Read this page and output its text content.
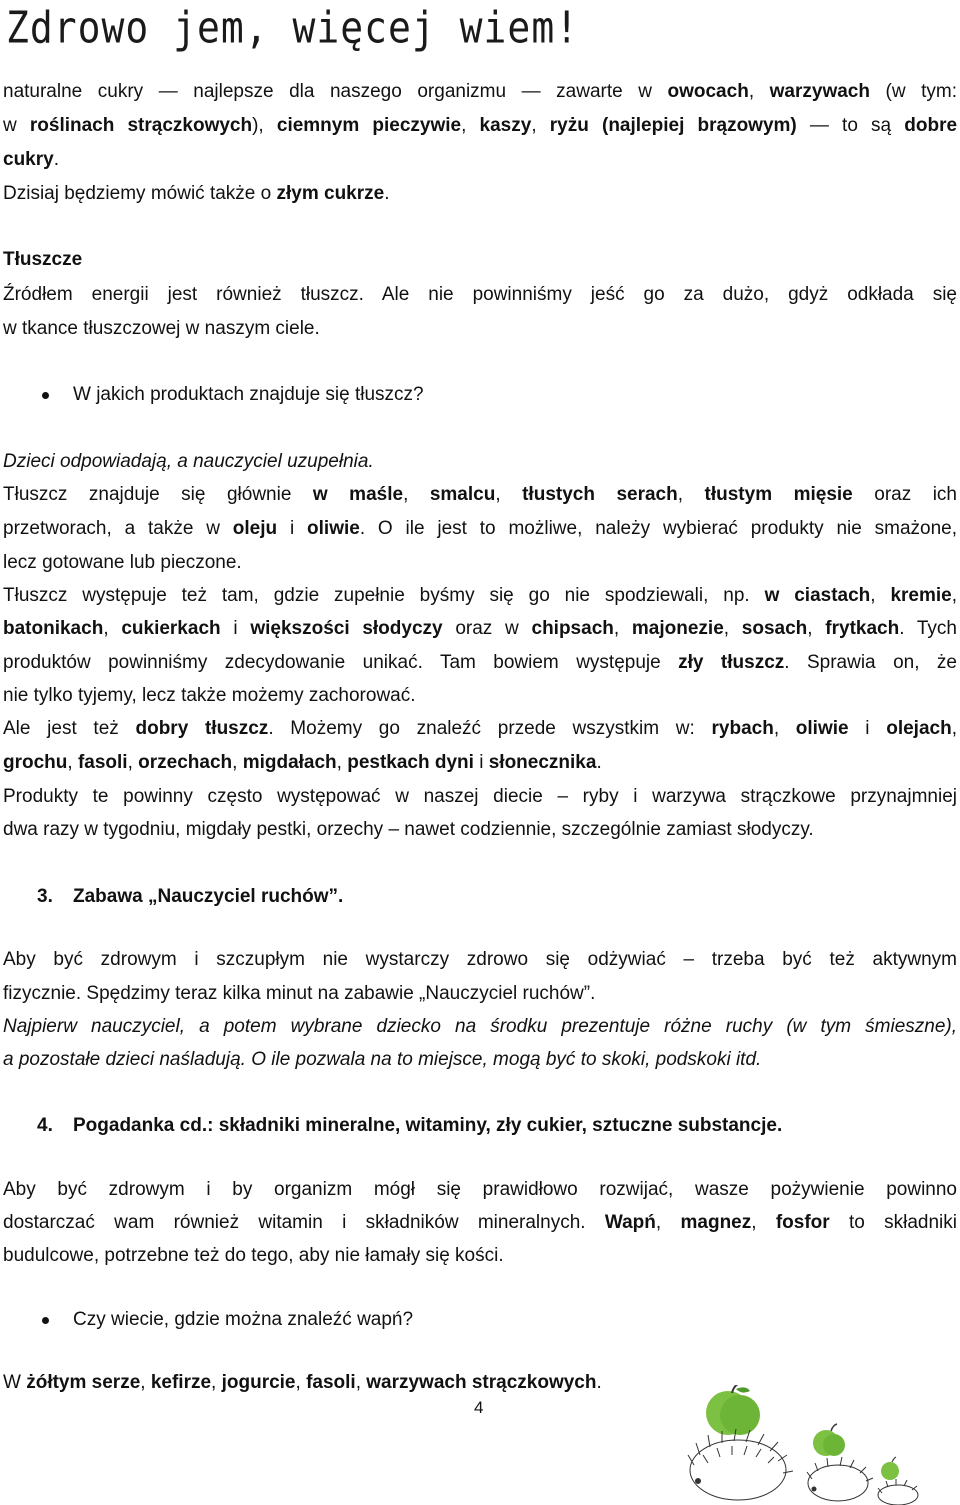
Zdrowo jem, więcej wiem!
naturalne cukry — najlepsze dla naszego organizmu — zawarte w owocach, warzywach (w tym:
w roślinach strączkowych), ciemnym pieczywie, kaszy, ryżu (najlepiej brązowym) — to są dobre
cukry.
Dzisiaj będziemy mówić także o złym cukrze.
Tłuszcze
Źródłem energii jest również tłuszcz. Ale nie powinniśmy jeść go za dużo, gdyż odkłada się
w tkance tłuszczowej w naszym ciele.
W jakich produktach znajduje się tłuszcz?
Dzieci odpowiadają, a nauczyciel uzupełnia.
Tłuszcz znajduje się głównie w maśle, smalcu, tłustych serach, tłustym mięsie oraz ich
przetworach, a także w oleju i oliwie. O ile jest to możliwe, należy wybierać produkty nie smażone,
lecz gotowane lub pieczone.
Tłuszcz występuje też tam, gdzie zupełnie byśmy się go nie spodziewali, np. w ciastach, kremie,
batonikach, cukierkach i większości słodyczy oraz w chipsach, majonezie, sosach, frytkach. Tych
produktów powinniśmy zdecydowanie unikać. Tam bowiem występuje zły tłuszcz. Sprawia on, że
nie tylko tyjemy, lecz także możemy zachorować.
Ale jest też dobry tłuszcz. Możemy go znaleźć przede wszystkim w: rybach, oliwie i olejach,
grochu, fasoli, orzechach, migdałach, pestkach dyni i słonecznika.
Produkty te powinny często występować w naszej diecie – ryby i warzywa strączkowe przynajmniej
dwa razy w tygodniu, migdały pestki, orzechy – nawet codziennie, szczególnie zamiast słodyczy.
3. Zabawa „Nauczyciel ruchów”.
Aby być zdrowym i szczupłym nie wystarczy zdrowo się odżywiać – trzeba być też aktywnym
fizycznie. Spędzimy teraz kilka minut na zabawie „Nauczyciel ruchów”.
Najpierw nauczyciel, a potem wybrane dziecko na środku prezentuje różne ruchy (w tym śmieszne),
a pozostałe dzieci naśladują. O ile pozwala na to miejsce, mogą być to skoki, podskoki itd.
4. Pogadanka cd.: składniki mineralne, witaminy, zły cukier, sztuczne substancje.
Aby być zdrowym i by organizm mógł się prawidłowo rozwijać, wasze pożywienie powinno
dostarczać wam również witamin i składników mineralnych. Wapń, magnez, fosfor to składniki
budulcowe, potrzebne też do tego, aby nie łamały się kości.
Czy wiecie, gdzie można znaleźć wapń?
W żółtym serze, kefirze, jogurcie, fasoli, warzywach strączkowych.
4
